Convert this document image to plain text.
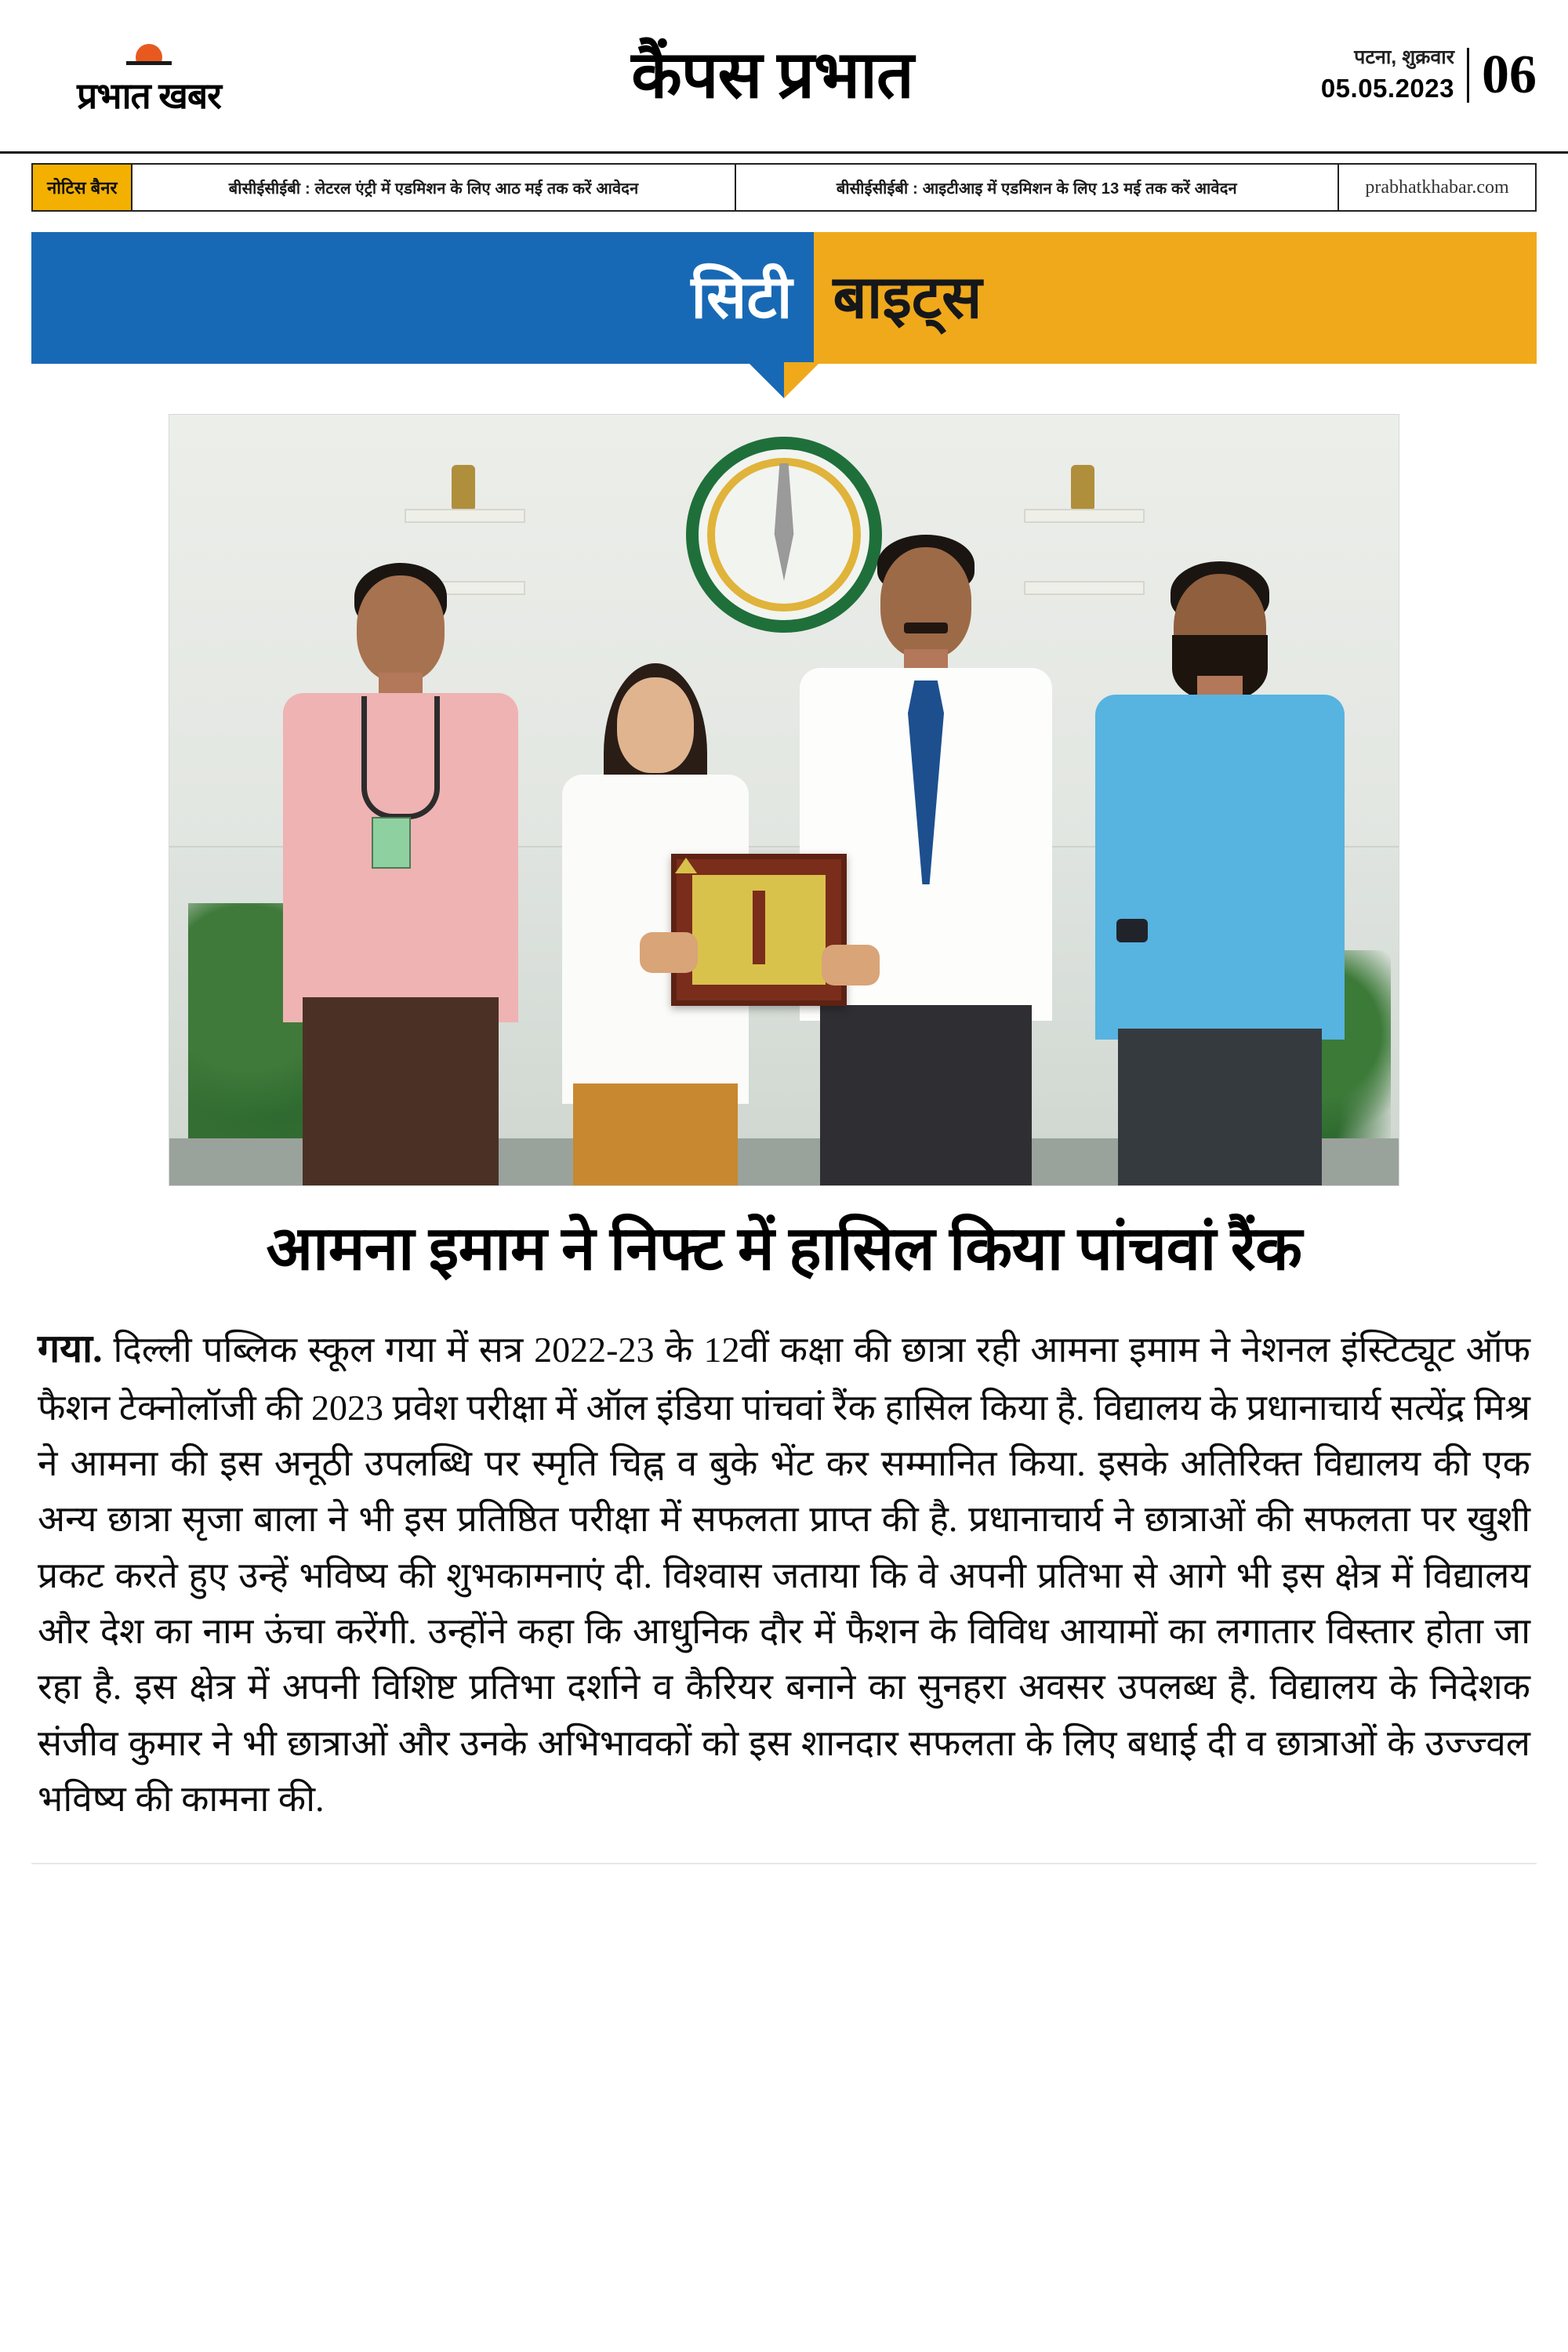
प्रभात खबर	कैंपस प्रभात	पटना, शुक्रवार
05.05.2023 06
नोटिस बैनर	बीसीईसीईबी : लेटरल एंट्री में एडमिशन के लिए आठ मई तक करें आवेदन	बीसीईसीईबी : आइटीआइ में एडमिशन के लिए 13 मई तक करें आवेदन	prabhatkhabar.com
सिटी बाइट्स
आमना इमाम ने निफ्ट में हासिल किया पांचवां रैंक

गया. दिल्ली पब्लिक स्कूल गया में सत्र 2022-23 के 12वीं कक्षा की छात्रा रही आमना इमाम ने नेशनल इंस्टिट्यूट ऑफ फैशन टेक्नोलॉजी की 2023 प्रवेश परीक्षा में ऑल इंडिया पांचवां रैंक हासिल किया है. विद्यालय के प्रधानाचार्य सत्येंद्र मिश्र ने आमना की इस अनूठी उपलब्धि पर स्मृति चिह्न व बुके भेंट कर सम्मानित किया. इसके अतिरिक्त विद्यालय की एक अन्य छात्रा सृजा बाला ने भी इस प्रतिष्ठित परीक्षा में सफलता प्राप्त की है. प्रधानाचार्य ने छात्राओं की सफलता पर खुशी प्रकट करते हुए उन्हें भविष्य की शुभकामनाएं दी. विश्वास जताया कि वे अपनी प्रतिभा से आगे भी इस क्षेत्र में विद्यालय और देश का नाम ऊंचा करेंगी. उन्होंने कहा कि आधुनिक दौर में फैशन के विविध आयामों का लगातार विस्तार होता जा रहा है. इस क्षेत्र में अपनी विशिष्ट प्रतिभा दर्शाने व कैरियर बनाने का सुनहरा अवसर उपलब्ध है. विद्यालय के निदेशक संजीव कुमार ने भी छात्राओं और उनके अभिभावकों को इस शानदार सफलता के लिए बधाई दी व छात्राओं के उज्ज्वल भविष्य की कामना की.
